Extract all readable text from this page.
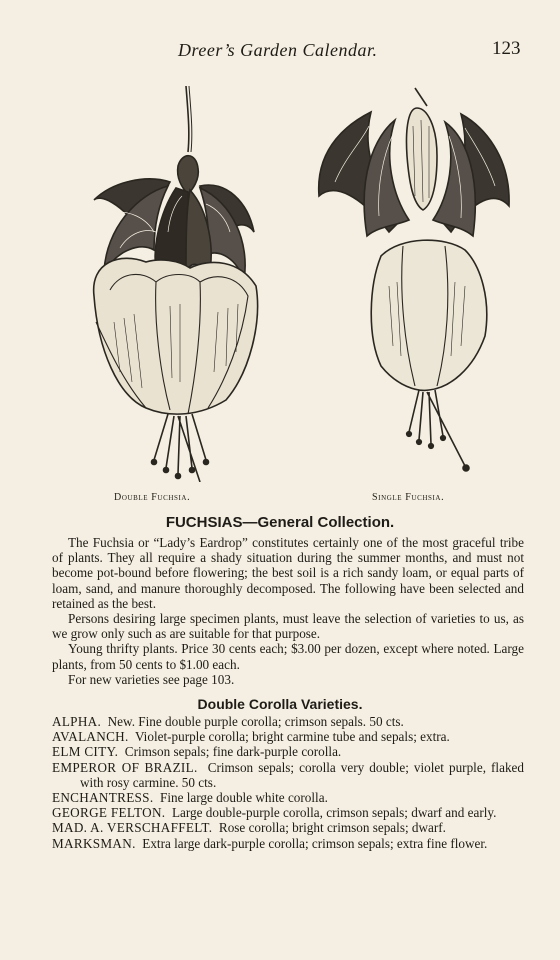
Dreer’s Garden Calendar.	123
Double Fuchsia.	Single Fuchsia.
FUCHSIAS—General Collection.

The Fuchsia or “Lady’s Eardrop” constitutes certainly one of the most graceful tribe of plants. They all require a shady situation during the summer months, and must not become pot-bound before flowering; the best soil is a rich sandy loam, or equal parts of loam, sand, and manure thoroughly decomposed. The following have been selected and retained as the best.

Persons desiring large specimen plants, must leave the selection of varieties to us, as we grow only such as are suitable for that purpose.

Young thrifty plants. Price 30 cents each; $3.00 per dozen, except where noted. Large plants, from 50 cents to $1.00 each.

For new varieties see page 103.

Double Corolla Varieties.

ALPHA. New. Fine double purple corolla; crimson sepals. 50 cts.

AVALANCH. Violet-purple corolla; bright carmine tube and sepals; extra.

ELM CITY. Crimson sepals; fine dark-purple corolla.

EMPEROR OF BRAZIL. Crimson sepals; corolla very double; violet purple, flaked with rosy carmine. 50 cts.

ENCHANTRESS. Fine large double white corolla.

GEORGE FELTON. Large double-purple corolla, crimson sepals; dwarf and early.

MAD. A. VERSCHAFFELT. Rose corolla; bright crimson sepals; dwarf.

MARKSMAN. Extra large dark-purple corolla; crimson sepals; extra fine flower.
